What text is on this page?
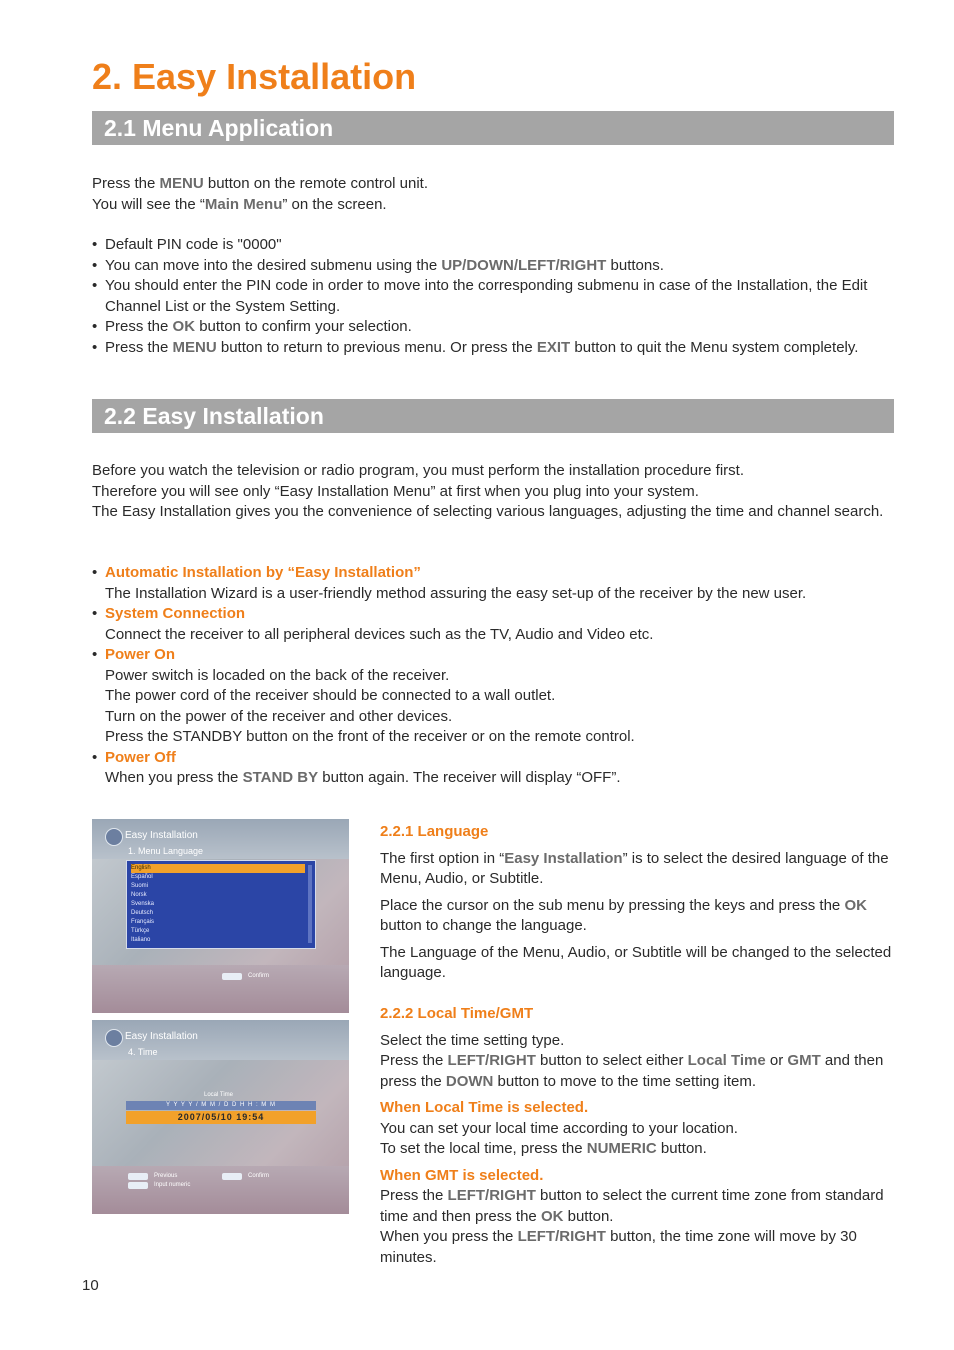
2. Easy Installation
2.1 Menu Application

Press the MENU button on the remote control unit.

You will see the “Main Menu” on the screen.

• Default PIN code is "0000"
• You can move into the desired submenu using the UP/DOWN/LEFT/RIGHT buttons.
• You should enter the PIN code in order to move into the corresponding submenu in case of the Installation, the Edit Channel List or the System Setting.
• Press the OK button to confirm your selection.
• Press the MENU button to return to previous menu. Or press the EXIT button to quit the Menu system completely.
2.2 Easy Installation

Before you watch the television or radio program, you must perform the installation procedure first.

Therefore you will see only “Easy Installation Menu” at first when you plug into your system.

The Easy Installation gives you the convenience of selecting various languages, adjusting the time and channel search.

• Automatic Installation by “Easy Installation”
The Installation Wizard is a user-friendly method assuring the easy set-up of the receiver by the new user.
• System Connection
Connect the receiver to all peripheral devices such as the TV, Audio and Video etc.
• Power On
Power switch is locaded on the back of the receiver.
The power cord of the receiver should be connected to a wall outlet.
Turn on the power of the receiver and other devices.
Press the STANDBY button on the front of the receiver or on the remote control.
• Power Off
When you press the STAND BY button again. The receiver will display “OFF”.
Easy Installation
1. Menu Language
English
Español
Suomi
Norsk
Svenska
Deutsch
Français
Türkçe
Italiano
Confirm
Easy Installation
4. Time
Local Time
Y Y Y Y / M M / D D H H : M M
2007/05/10 19:54
Previous
Input numeric
Confirm
2.2.1 Language

The first option in “Easy Installation” is to select the desired language of the Menu, Audio, or Subtitle.

Place the cursor on the sub menu by pressing the keys and press the OK button to change the language.

The Language of the Menu, Audio, or Subtitle will be changed to the selected language.

2.2.2 Local Time/GMT

Select the time setting type.

Press the LEFT/RIGHT button to select either Local Time or GMT and then press the DOWN button to move to the time setting item.

When Local Time is selected.

You can set your local time according to your location.

To set the local time, press the NUMERIC button.

When GMT is selected.

Press the LEFT/RIGHT button to select the current time zone from standard time and then press the OK button.

When you press the LEFT/RIGHT button, the time zone will move by 30 minutes.

10
